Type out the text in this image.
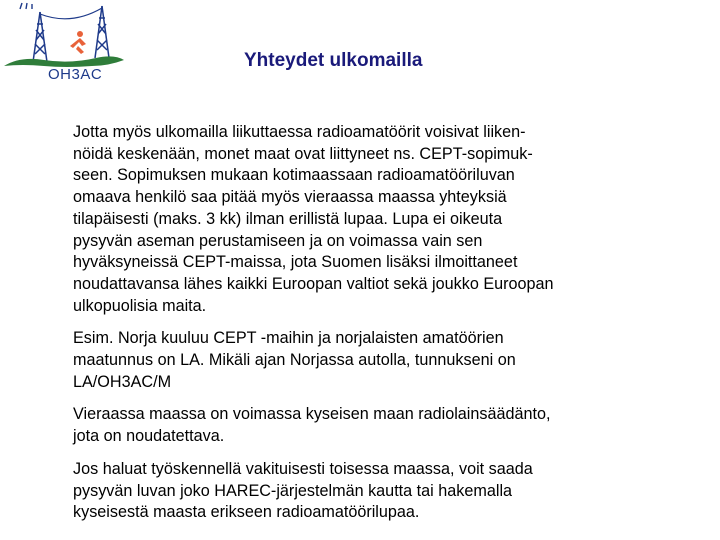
OH3AC
Yhteydet ulkomailla

Jotta myös ulkomailla liikuttaessa radioamatöörit voisivat liiken-
nöidä keskenään, monet maat ovat liittyneet ns. CEPT-sopimuk-
seen. Sopimuksen mukaan kotimaassaan radioamatööriluvan
omaava henkilö saa pitää myös vieraassa maassa yhteyksiä
tilapäisesti (maks. 3 kk) ilman erillistä lupaa. Lupa ei oikeuta
pysyvän aseman perustamiseen ja on voimassa vain sen
hyväksyneissä CEPT-maissa, jota Suomen lisäksi ilmoittaneet
noudattavansa lähes kaikki Euroopan valtiot sekä joukko Euroopan
ulkopuolisia maita.

Esim. Norja kuuluu CEPT -maihin ja norjalaisten amatöörien
maatunnus on LA. Mikäli ajan Norjassa autolla, tunnukseni on
LA/OH3AC/M

Vieraassa maassa on voimassa kyseisen maan radiolainsäädänto,
jota on noudatettava.

Jos haluat työskennellä vakituisesti toisessa maassa, voit saada
pysyvän luvan joko HAREC-järjestelmän kautta tai hakemalla
kyseisestä maasta erikseen radioamatöörilupaa.
